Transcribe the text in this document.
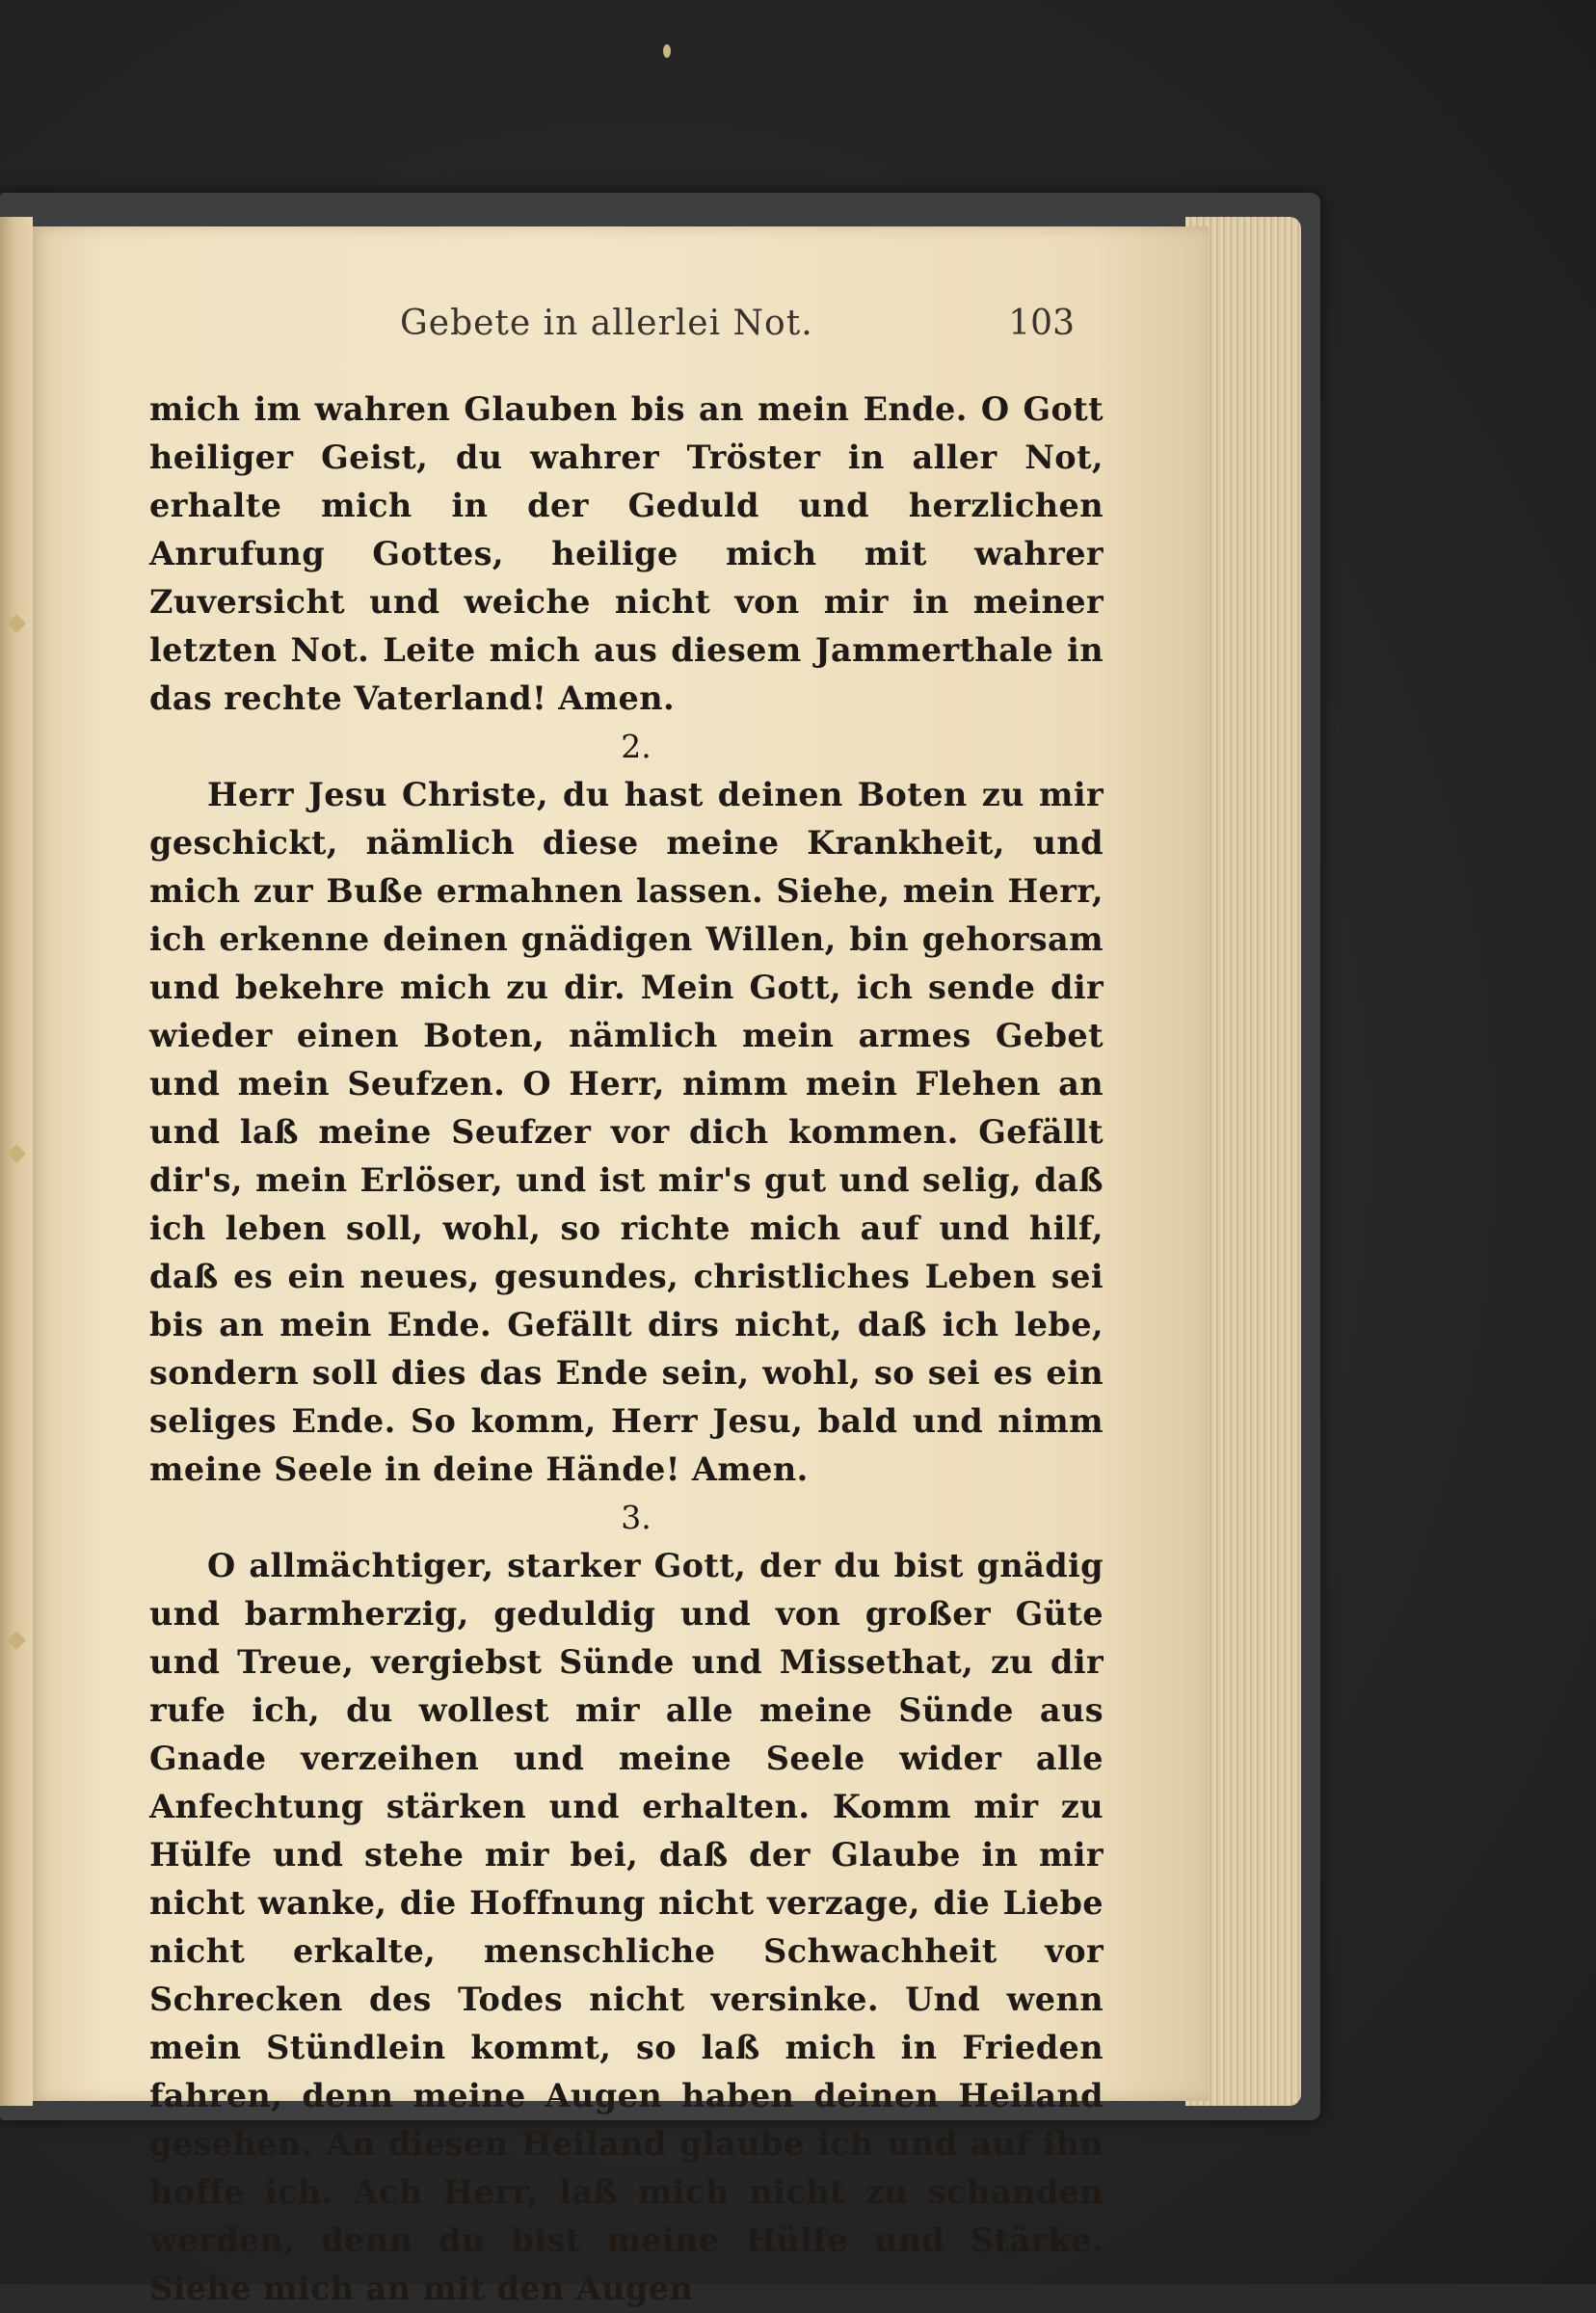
Gebete in allerlei Not.	103

mich im wahren Glauben bis an mein Ende. O Gott heiliger Geist, du wahrer Tröster in aller Not, erhalte mich in der Geduld und herzlichen Anrufung Gottes, heilige mich mit wahrer Zuversicht und weiche nicht von mir in meiner letzten Not. Leite mich aus diesem Jammerthale in das rechte Vaterland! Amen.

2.

Herr Jesu Christe, du hast deinen Boten zu mir geschickt, nämlich diese meine Krankheit, und mich zur Buße ermahnen lassen. Siehe, mein Herr, ich erkenne deinen gnädigen Willen, bin gehorsam und bekehre mich zu dir. Mein Gott, ich sende dir wieder einen Boten, nämlich mein armes Gebet und mein Seufzen. O Herr, nimm mein Flehen an und laß meine Seufzer vor dich kommen. Gefällt dir's, mein Erlöser, und ist mir's gut und selig, daß ich leben soll, wohl, so richte mich auf und hilf, daß es ein neues, gesundes, christliches Leben sei bis an mein Ende. Gefällt dirs nicht, daß ich lebe, sondern soll dies das Ende sein, wohl, so sei es ein seliges Ende. So komm, Herr Jesu, bald und nimm meine Seele in deine Hände! Amen.

3.

O allmächtiger, starker Gott, der du bist gnädig und barmherzig, geduldig und von großer Güte und Treue, vergiebst Sünde und Missethat, zu dir rufe ich, du wollest mir alle meine Sünde aus Gnade verzeihen und meine Seele wider alle Anfechtung stärken und erhalten. Komm mir zu Hülfe und stehe mir bei, daß der Glaube in mir nicht wanke, die Hoffnung nicht verzage, die Liebe nicht erkalte, menschliche Schwachheit vor Schrecken des Todes nicht versinke. Und wenn mein Stündlein kommt, so laß mich in Frieden fahren, denn meine Augen haben deinen Heiland gesehen. An diesen Heiland glaube ich und auf ihn hoffe ich. Ach Herr, laß mich nicht zu schanden werden, denn du bist meine Hülfe und Stärke. Siehe mich an mit den Augen
